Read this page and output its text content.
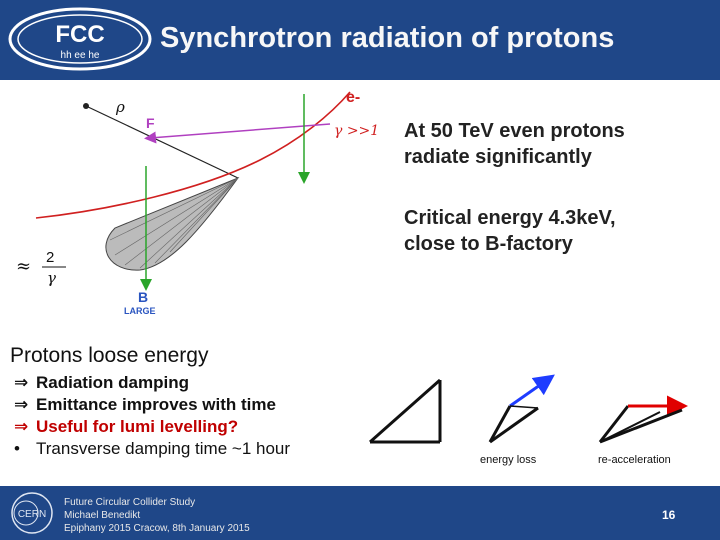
FCC
hh ee he
Synchrotron radiation of protons
ρ
F
e-
γ >>1
≈ 2
γ
B
LARGE
At 50 TeV even protons
radiate significantly
Critical energy 4.3keV,
close to B-factory
Protons loose energy
⇒ Radiation damping
⇒ Emittance improves with time
⇒ Useful for lumi levelling?
• Transverse damping time ~1 hour
energy loss	re-acceleration
CERN
Future Circular Collider Study
Michael Benedikt
Epiphany 2015 Cracow, 8th January 2015
16
